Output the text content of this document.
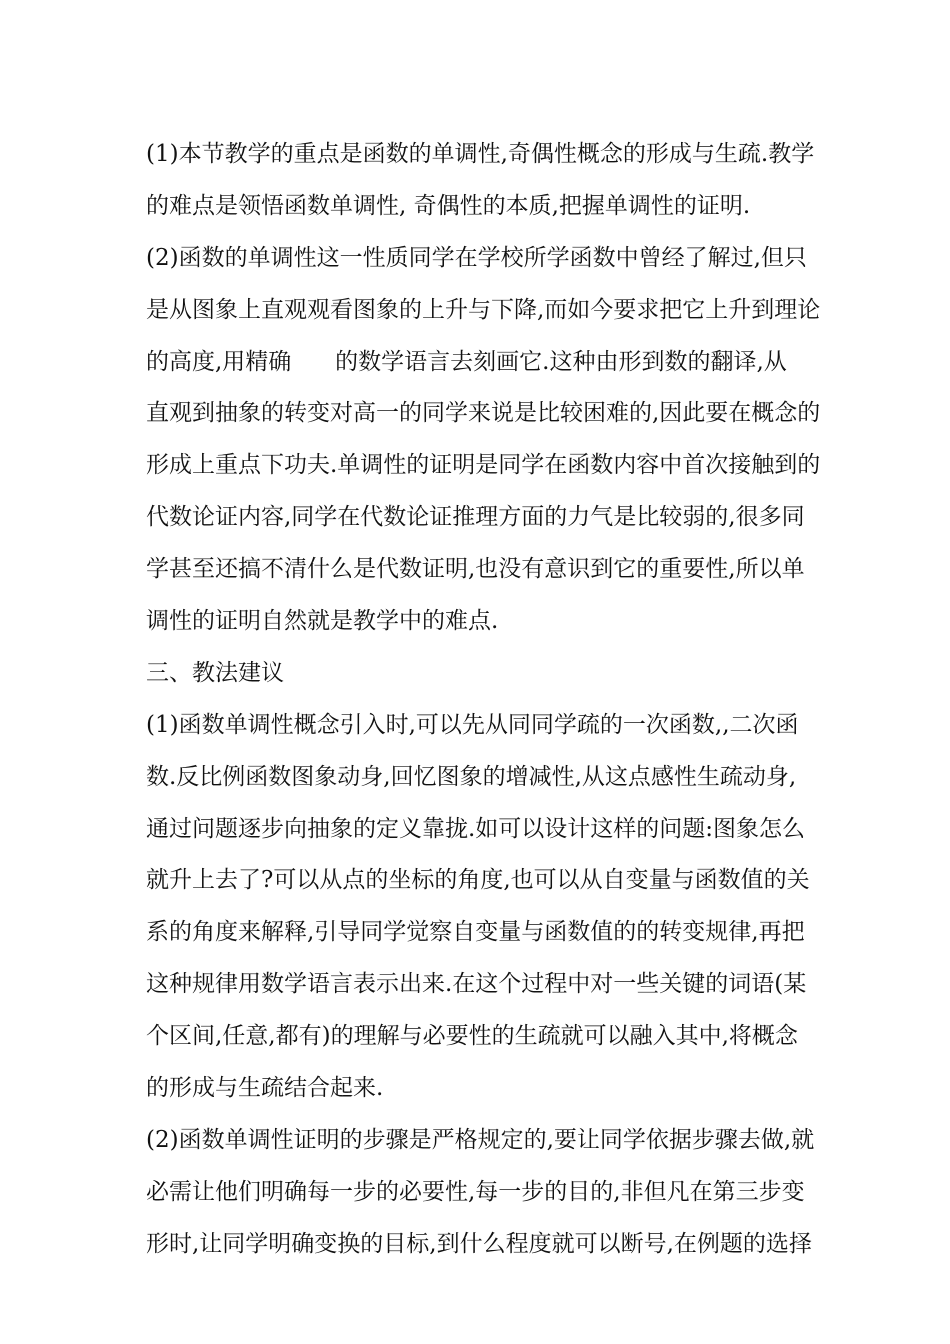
(1)本节教学的重点是函数的单调性,奇偶性概念的形成与生疏.教学
的难点是领悟函数单调性, 奇偶性的本质,把握单调性的证明.
(2)函数的单调性这一性质同学在学校所学函数中曾经了解过,但只
是从图象上直观观看图象的上升与下降,而如今要求把它上升到理论
的高度,用精确      的数学语言去刻画它.这种由形到数的翻译,从
直观到抽象的转变对高一的同学来说是比较困难的,因此要在概念的
形成上重点下功夫.单调性的证明是同学在函数内容中首次接触到的
代数论证内容,同学在代数论证推理方面的力气是比较弱的,很多同
学甚至还搞不清什么是代数证明,也没有意识到它的重要性,所以单
调性的证明自然就是教学中的难点.
三、教法建议
(1)函数单调性概念引入时,可以先从同同学疏的一次函数,,二次函
数.反比例函数图象动身,回忆图象的增减性,从这点感性生疏动身,
通过问题逐步向抽象的定义靠拢.如可以设计这样的问题:图象怎么
就升上去了?可以从点的坐标的角度,也可以从自变量与函数值的关
系的角度来解释,引导同学觉察自变量与函数值的的转变规律,再把
这种规律用数学语言表示出来.在这个过程中对一些关键的词语(某
个区间,任意,都有)的理解与必要性的生疏就可以融入其中,将概念
的形成与生疏结合起来.
(2)函数单调性证明的步骤是严格规定的,要让同学依据步骤去做,就
必需让他们明确每一步的必要性,每一步的目的,非但凡在第三步变
形时,让同学明确变换的目标,到什么程度就可以断号,在例题的选择
